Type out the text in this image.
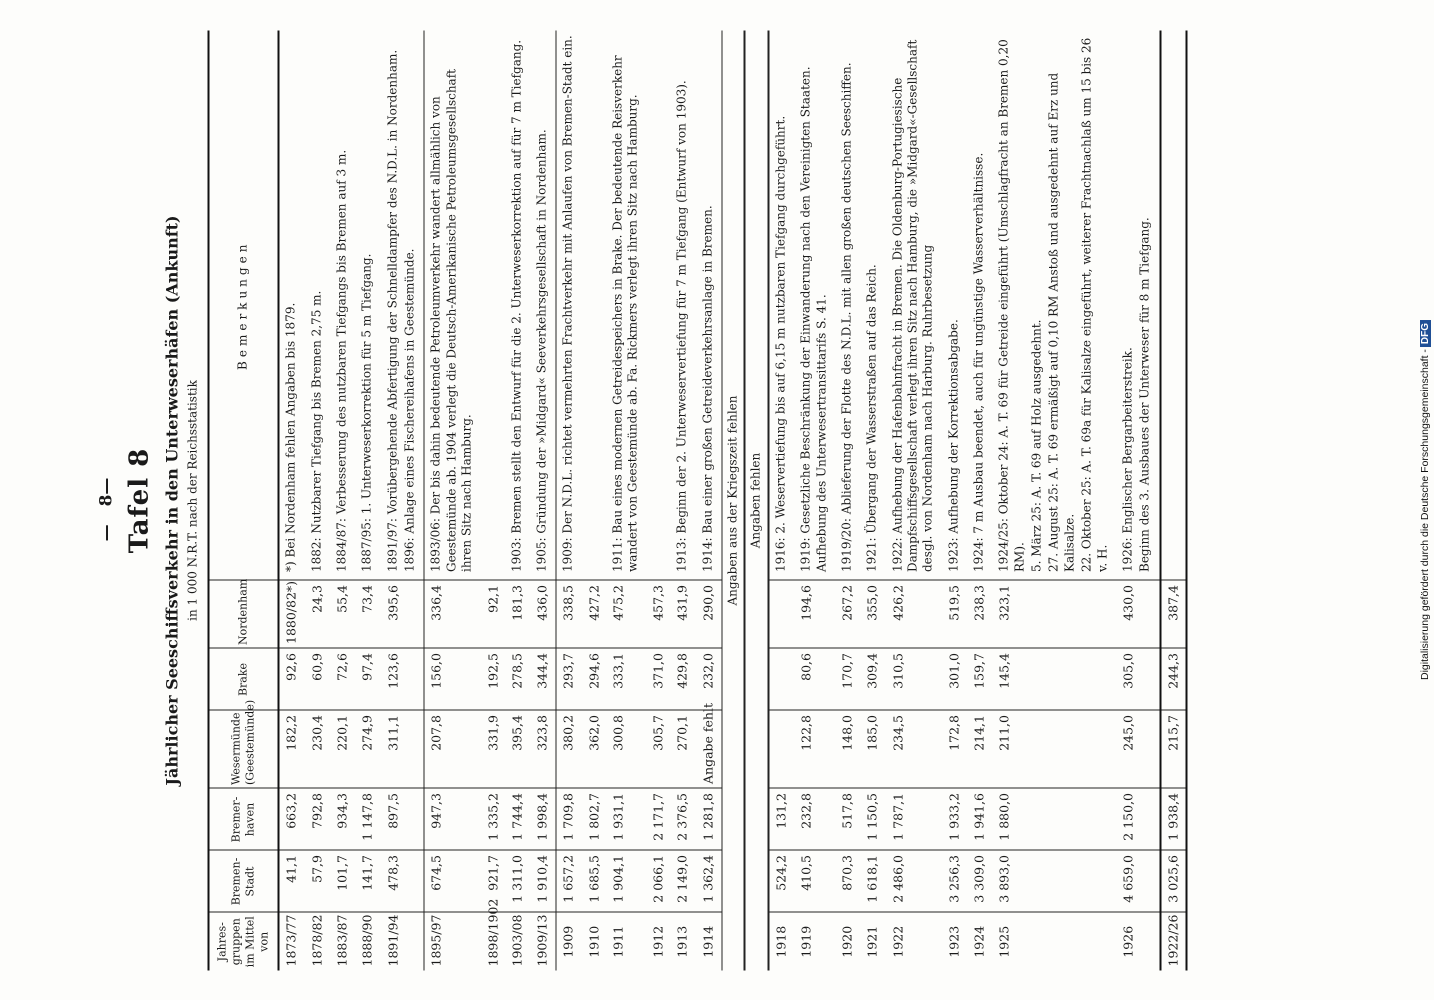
Digitalisierung gefördert durch die Deutsche Forschungsgemeinschaft -DFG
—8— Tafel 8 Jährlicher Seeschiffsverkehr in den Unterweserhäfen (Ankunft) in 1 000 N.R.T. nach der Reichsstatistik
Jahres-gruppen im Mittel von	Bremen-Stadt	Bremer-haven	Wesermünde (Geestemünde)	Brake	Nordenham	Bemerkungen
1873/77	41,1	663,2	182,2	92,6	1880/82*)	*) Bei Nordenham fehlen Angaben bis 1879.

1878/82	57,9	792,8	230,4	60,9	24,3	1882: Nutzbarer Tiefgang bis Bremen 2,75 m.

1883/87	101,7	934,3	220,1	72,6	55,4	1884/87: Verbesserung des nutzbaren Tiefgangs bis Bremen auf 3 m.

1888/90	141,7	1 147,8	274,9	97,4	73,4	1887/95: 1. Unterweserkorrektion für 5 m Tiefgang.

1891/94	478,3	897,5	311,1	123,6	395,6	1891/97: Vorübergehende Abfertigung der Schnelldampfer des N.D.L. in Nordenham. 1896: Anlage eines Fischereihafens in Geestemünde.

1895/97	674,5	947,3	207,8	156,0	336,4	1893/06: Der bis dahin bedeutende Petroleumverkehr wandert allmählich von Geestemünde ab. 1904 verlegt die Deutsch-Amerikanische Petroleumsgesellschaft ihren Sitz nach Hamburg.

1898/1902	921,7	1 335,2	331,9	192,5	92,1	
1903/08	1 311,0	1 744,4	395,4	278,5	181,3	1903: Bremen stellt den Entwurf für die 2. Unterweserkorrektion auf für 7 m Tiefgang.

1909/13	1 910,4	1 998,4	323,8	344,4	436,0	1905: Gründung der »Midgard« Seeverkehrsgesellschaft in Nordenham.

1909	1 657,2	1 709,8	380,2	293,7	338,5	1909: Der N.D.L. richtet vermehrten Frachtverkehr mit Anlaufen von Bremen-Stadt ein.

1910	1 685,5	1 802,7	362,0	294,6	427,2	
1911	1 904,1	1 931,1	300,8	333,1	475,2	1911: Bau eines modernen Getreidespeichers in Brake. Der bedeutende Reisverkehr wandert von Geestemünde ab. Fa. Rickmers verlegt ihren Sitz nach Hamburg.

1912	2 066,1	2 171,7	305,7	371,0	457,3	
1913	2 149,0	2 376,5	270,1	429,8	431,9	1913: Beginn der 2. Unterweservertiefung für 7 m Tiefgang (Entwurf von 1903).

1914	1 362,4	1 281,8	Angabe fehlt	232,0	290,0	1914: Bau einer großen Getreideverkehrsanlage in Bremen.

Angaben aus der Kriegszeit fehlen Angaben fehlen						

1918	524,2	131,2				1916: 2. Weservertiefung bis auf 6,15 m nutzbaren Tiefgang durchgeführt.

1919	410,5	232,8	122,8	80,6	194,6	1919: Gesetzliche Beschränkung der Einwanderung nach den Vereinigten Staaten. Aufhebung des Unterwesertransittarifs S. 41.

1920	870,3	517,8	148,0	170,7	267,2	1919/20: Ablieferung der Flotte des N.D.L. mit allen großen deutschen Seeschiffen.

1921	1 618,1	1 150,5	185,0	309,4	355,0	1921: Übergang der Wasserstraßen auf das Reich.

1922	2 486,0	1 787,1	234,5	310,5	426,2	1922: Aufhebung der Hafenbahnfracht in Bremen. Die Oldenburg-Portugiesische Dampfschiffsgesellschaft verlegt ihren Sitz nach Hamburg, die »Midgard«-Gesellschaft desgl. von Nordenham nach Harburg. Ruhrbesetzung

1923	3 256,3	1 933,2	172,8	301,0	519,5	1923: Aufhebung der Korrektionsabgabe.

1924	3 309,0	1 941,6	214,1	159,7	238,3	1924: 7 m Ausbau beendet, auch für ungünstige Wasserverhältnisse.

1925	3 893,0	1 880,0	211,0	145,4	323,1	1924/25: Oktober 24: A. T. 69 für Getreide eingeführt (Umschlagfracht an Bremen 0,20 RM). 5. März 25: A. T. 69 auf Holz ausgedehnt. 27. August 25: A. T. 69 ermäßigt auf 0,10 RM Anstoß und ausgedehnt auf Erz und Kalisalze. 22. Oktober 25: A. T. 69a für Kalisalze eingeführt, weiterer Frachtnachlaß um 15 bis 26 v. H.

1926	4 659,0	2 150,0	245,0	305,0	430,0	1926: Englischer Bergarbeiterstreik. Beginn des 3. Ausbaues der Unterweser für 8 m Tiefgang.

1922/26	3 025,6	1 938,4	215,7	244,3	387,4	
